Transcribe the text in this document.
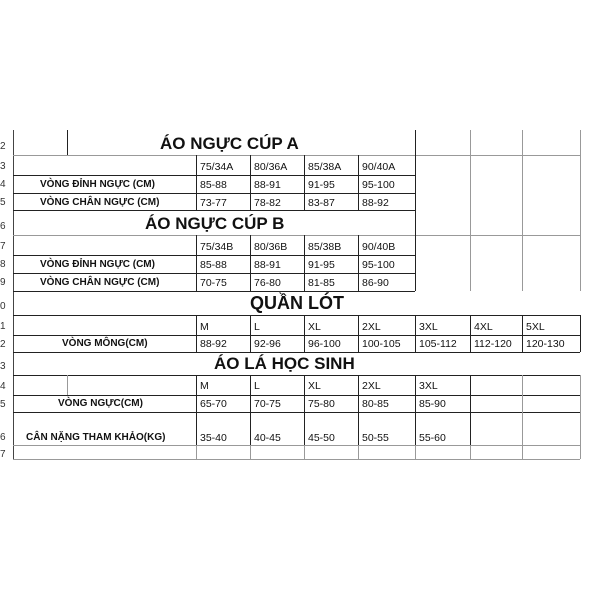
2
3
4
5
6
7
8
9
0
1
2
3
4
5
6
7
ÁO NGỰC CÚP A
75/34A 80/36A 85/38A 90/40A
VÒNG ĐỈNH NGỰC (CM)	85-88	88-91	91-95	95-100
VÒNG CHÂN NGỰC (CM)	73-77	78-82	83-87	88-92
ÁO NGỰC CÚP B
75/34B 80/36B 85/38B 90/40B
VÒNG ĐỈNH NGỰC (CM)	85-88	88-91	91-95	95-100
VÒNG CHÂN NGỰC (CM)	70-75	76-80	81-85	86-90
QUẦN LÓT
M	L	XL	2XL	3XL	4XL	5XL
VÒNG MÔNG(CM)	88-92	92-96	96-100 100-105 105-112 112-120 120-130
ÁO LÁ HỌC SINH
M	L	XL	2XL	3XL
VÒNG NGỰC(CM)	65-70	70-75	75-80	80-85	85-90
CÂN NẶNG THAM KHẢO(KG)	35-40	40-45	45-50	50-55	55-60
